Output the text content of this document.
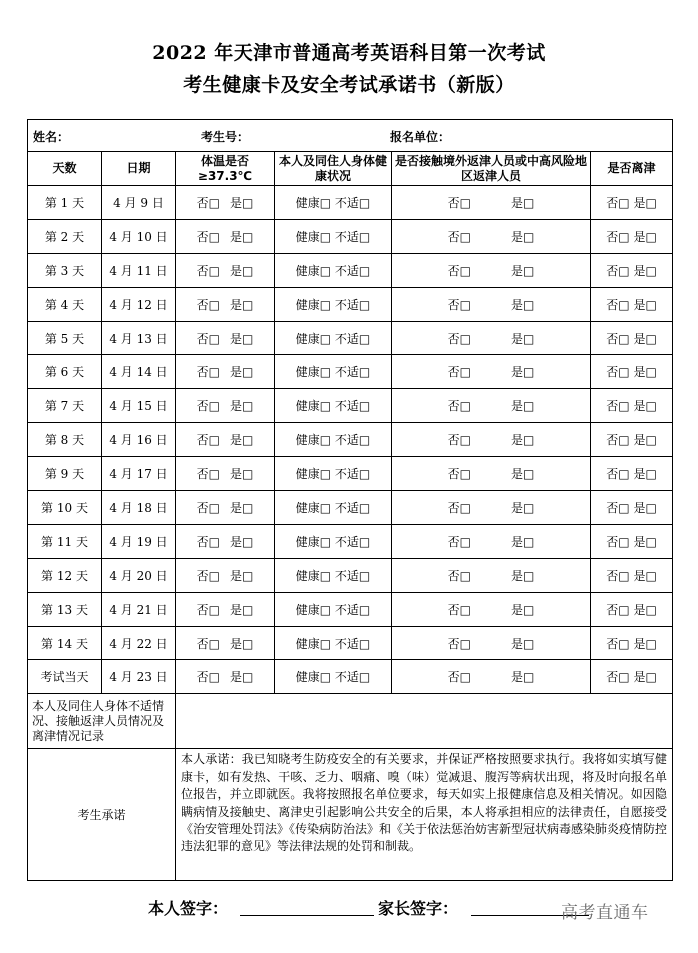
2022 年天津市普通高考英语科目第一次考试
考生健康卡及安全考试承诺书（新版）
姓名： 考生号： 报名单位：					

天数	日期	体温是否≥37.3℃	本人及同住人身体健康状况	是否接触境外返津人员或中高风险地区返津人员	是否离津
第 1 天	4 月 9 日	否□ 是□	健康□ 不适□	否□ 是□	否□ 是□
第 2 天	4 月 10 日	否□ 是□	健康□ 不适□	否□ 是□	否□ 是□
第 3 天	4 月 11 日	否□ 是□	健康□ 不适□	否□ 是□	否□ 是□
第 4 天	4 月 12 日	否□ 是□	健康□ 不适□	否□ 是□	否□ 是□
第 5 天	4 月 13 日	否□ 是□	健康□ 不适□	否□ 是□	否□ 是□
第 6 天	4 月 14 日	否□ 是□	健康□ 不适□	否□ 是□	否□ 是□
第 7 天	4 月 15 日	否□ 是□	健康□ 不适□	否□ 是□	否□ 是□
第 8 天	4 月 16 日	否□ 是□	健康□ 不适□	否□ 是□	否□ 是□
第 9 天	4 月 17 日	否□ 是□	健康□ 不适□	否□ 是□	否□ 是□
第 10 天	4 月 18 日	否□ 是□	健康□ 不适□	否□ 是□	否□ 是□
第 11 天	4 月 19 日	否□ 是□	健康□ 不适□	否□ 是□	否□ 是□
第 12 天	4 月 20 日	否□ 是□	健康□ 不适□	否□ 是□	否□ 是□
第 13 天	4 月 21 日	否□ 是□	健康□ 不适□	否□ 是□	否□ 是□
第 14 天	4 月 22 日	否□ 是□	健康□ 不适□	否□ 是□	否□ 是□
考试当天	4 月 23 日	否□ 是□	健康□ 不适□	否□ 是□	否□ 是□
本人及同住人身体不适情况、接触返津人员情况及离津情况记录					
考生承诺		本人承诺：我已知晓考生防疫安全的有关要求，并保证严格按照要求执行。我将如实填写健康卡，如有发热、干咳、乏力、咽痛、嗅（味）觉减退、腹泻等病状出现，将及时向报名单位报告，并立即就医。我将按照报名单位要求，每天如实上报健康信息及相关情况。如因隐瞒病情及接触史、离津史引起影响公共安全的后果，本人将承担相应的法律责任，自愿接受《治安管理处罚法》《传染病防治法》和《关于依法惩治妨害新型冠状病毒感染肺炎疫情防控违法犯罪的意见》等法律法规的处罚和制裁。			
本人签字：	家长签字：	高考直通车
